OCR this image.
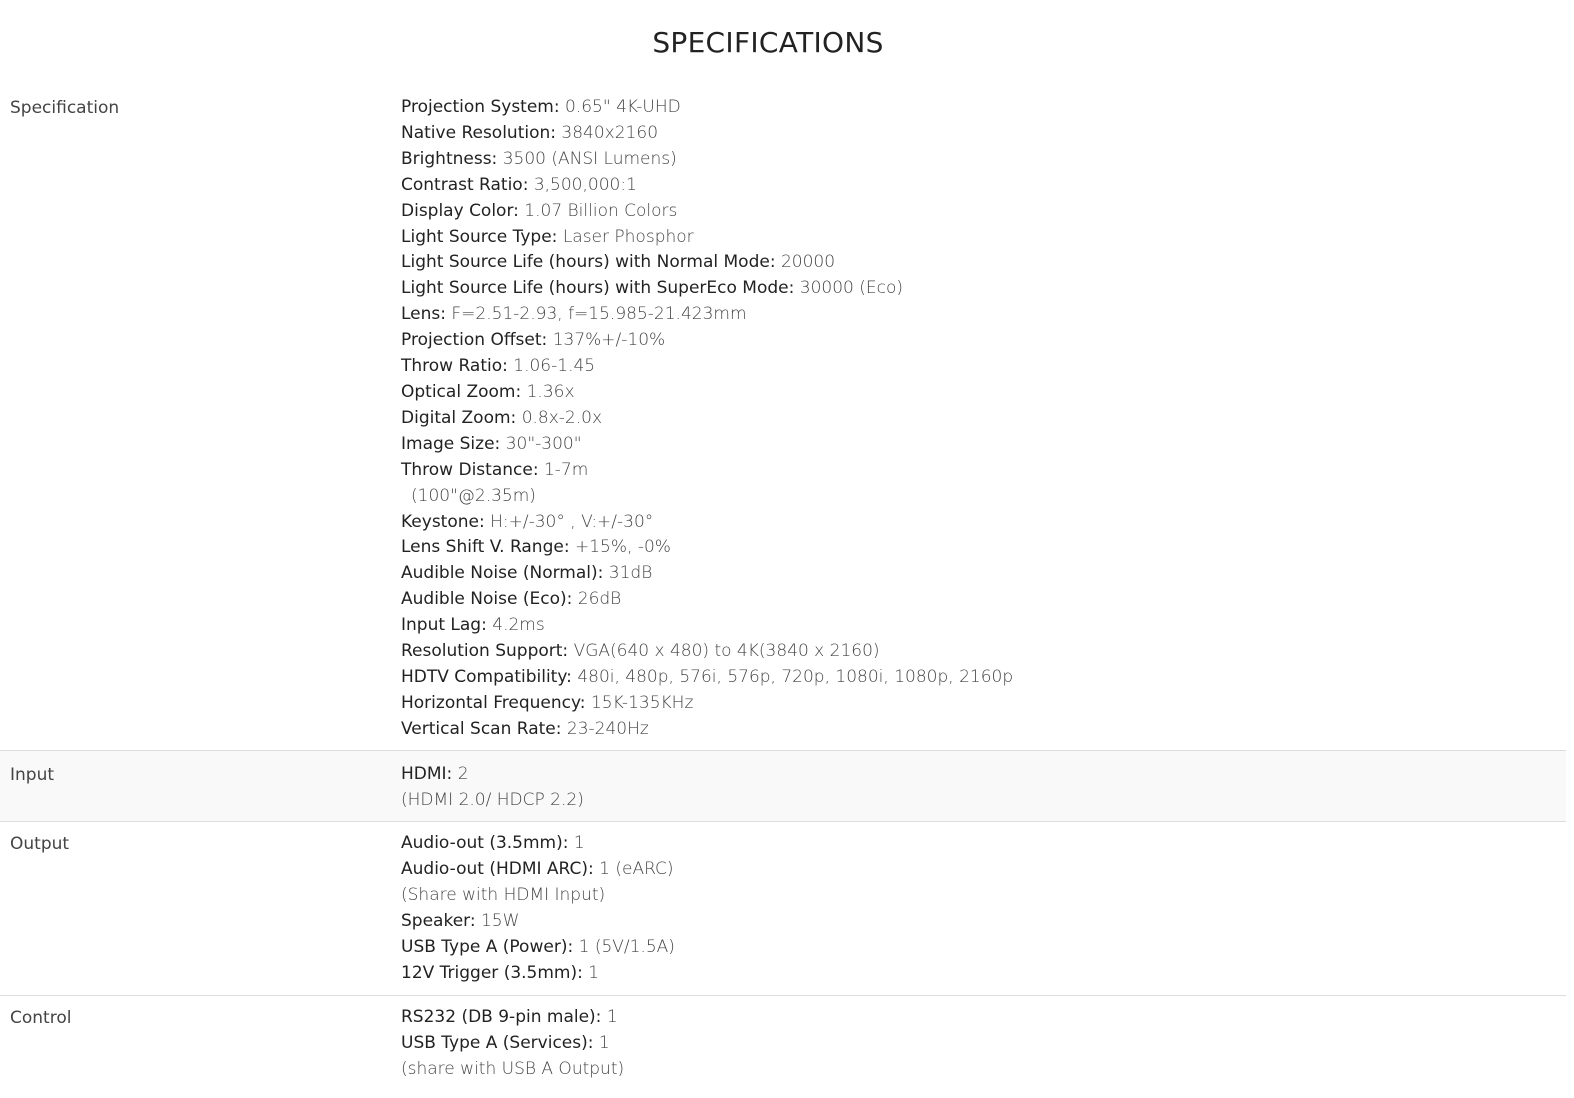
SPECIFICATIONS
Specification	Projection System: 0.65" 4K-UHD
Native Resolution: 3840x2160
Brightness: 3500 (ANSI Lumens)
Contrast Ratio: 3,500,000:1
Display Color: 1.07 Billion Colors
Light Source Type: Laser Phosphor
Light Source Life (hours) with Normal Mode: 20000
Light Source Life (hours) with SuperEco Mode: 30000 (Eco)
Lens: F=2.51-2.93, f=15.985-21.423mm
Projection Offset: 137%+/-10%
Throw Ratio: 1.06-1.45
Optical Zoom: 1.36x
Digital Zoom: 0.8x-2.0x
Image Size: 30"-300"
Throw Distance: 1-7m
(100"@2.35m)
Keystone: H:+/-30° , V:+/-30°
Lens Shift V. Range: +15%, -0%
Audible Noise (Normal): 31dB
Audible Noise (Eco): 26dB
Input Lag: 4.2ms
Resolution Support: VGA(640 x 480) to 4K(3840 x 2160)
HDTV Compatibility: 480i, 480p, 576i, 576p, 720p, 1080i, 1080p, 2160p
Horizontal Frequency: 15K-135KHz
Vertical Scan Rate: 23-240Hz
Input	HDMI: 2
(HDMI 2.0/ HDCP 2.2)
Output	Audio-out (3.5mm): 1
Audio-out (HDMI ARC): 1 (eARC)
(Share with HDMI Input)
Speaker: 15W
USB Type A (Power): 1 (5V/1.5A)
12V Trigger (3.5mm): 1
Control	RS232 (DB 9-pin male): 1
USB Type A (Services): 1
(share with USB A Output)
